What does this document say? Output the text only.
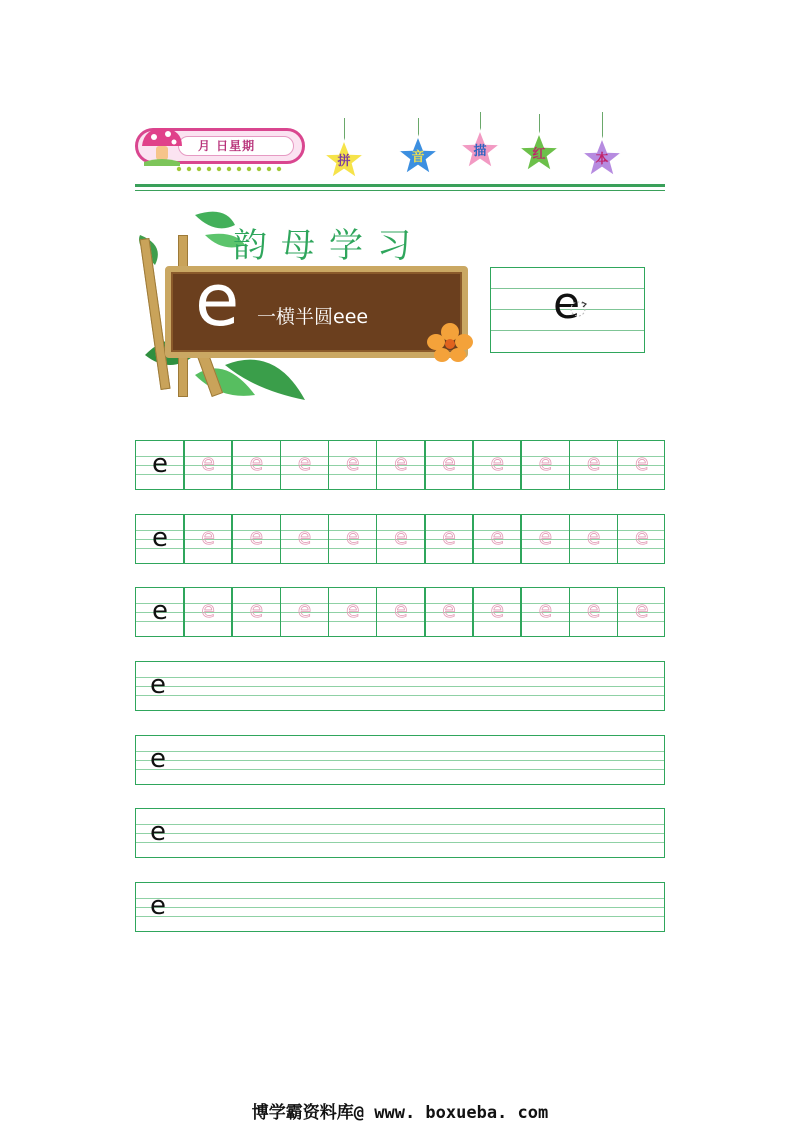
月 日星期
拼	音	描	红	本
韵母学习
e 一横半圆eee	e
e	e	e	e	e	e	e	e	e	e	e
e	e	e	e	e	e	e	e	e	e	e
e	e	e	e	e	e	e	e	e	e	e
e
e
e
e
博学霸资料库@ www. boxueba. com
